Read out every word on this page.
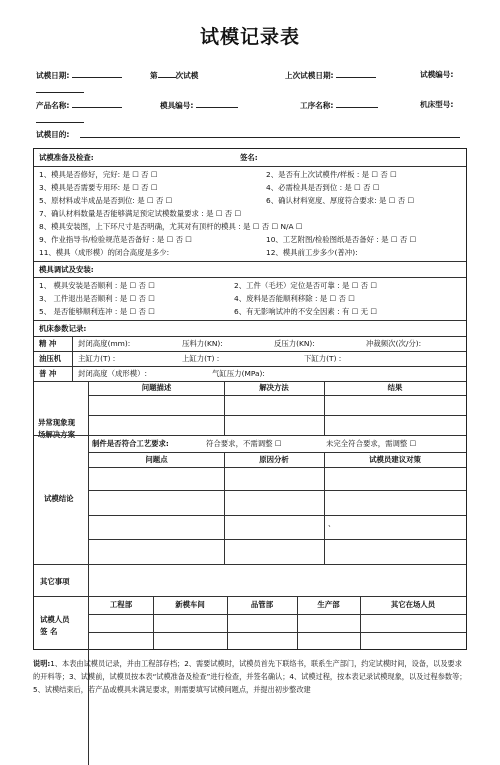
试模记录表
试模日期:	第 次试模	上次试模日期:	试模编号:
产品名称:	模具编号:	工序名称:	机床型号:
试模目的:
试模准备及检查:	签名:
1、模具是否修好，完好: 是 ☐ 否 ☐	2、是否有上次试模件/样板 : 是 ☐ 否 ☐
3、模具是否需要专用环: 是 ☐ 否 ☐	4、必需检具是否到位 : 是 ☐ 否 ☐
5、原材料或半成品是否到位: 是 ☐ 否 ☐	6、确认材料宽度、厚度符合要求: 是 ☐ 否 ☐
7、确认材料数量是否能够满足预定试模数量要求 : 是 ☐ 否 ☐
8、模具安装图，上下环尺寸是否明确，尤其对有顶杆的模具 : 是 ☐ 否 ☐ N/A ☐
9、作业指导书/检验规范是否备好 : 是 ☐ 否 ☐	10、工艺附图/检验图纸是否备好 : 是 ☐ 否 ☐
11、模具（成形模）的闭合高度是多少:	12、模具前工步多少(普冲):
模具调试及安装:
1、 模具安装是否顺利 : 是 ☐ 否 ☐	2、工件（毛坯）定位是否可靠 : 是 ☐ 否 ☐
3、 工件退出是否顺利 : 是 ☐ 否 ☐	4、废料是否能顺利移除 : 是 ☐ 否 ☐
5、 是否能够顺利连冲 : 是 ☐ 否 ☐	6、有无影响试冲的不安全因素 : 有 ☐ 无 ☐
机床参数记录:
精 冲	封闭高度(mm):	压料力(KN):	反压力(KN):	冲裁频次(次/分):
油压机 主缸力(T) :	上缸力(T) :	下缸力(T) :
普 冲	封闭高度（成形模）:	气缸压力(MPa):
异常现象现
场解决方案
问题描述	解决方法	结果
试模结论
制件是否符合工艺要求:	符合要求，不需调整 ☐	未完全符合要求，需调整 ☐
问题点	原因分析	试模员建议对策
、
其它事项
试模人员
签 名
工程部	新模车间	品管部	生产部	其它在场人员
说明:1、本表由试模员记录，并由工程部存档；2、需要试模时，试模员首先下联络书，联系生产部门，约定试模时间，设备，以及要求的开料等；3、试模前，试模员按本表“试模准备及检查”进行检查，并签名确认；4、试模过程，按本表记录试模现象，以及过程参数等；5、试模结束后，若产品或模具未满足要求，则需要填写试模问题点，并提出初步整改建
